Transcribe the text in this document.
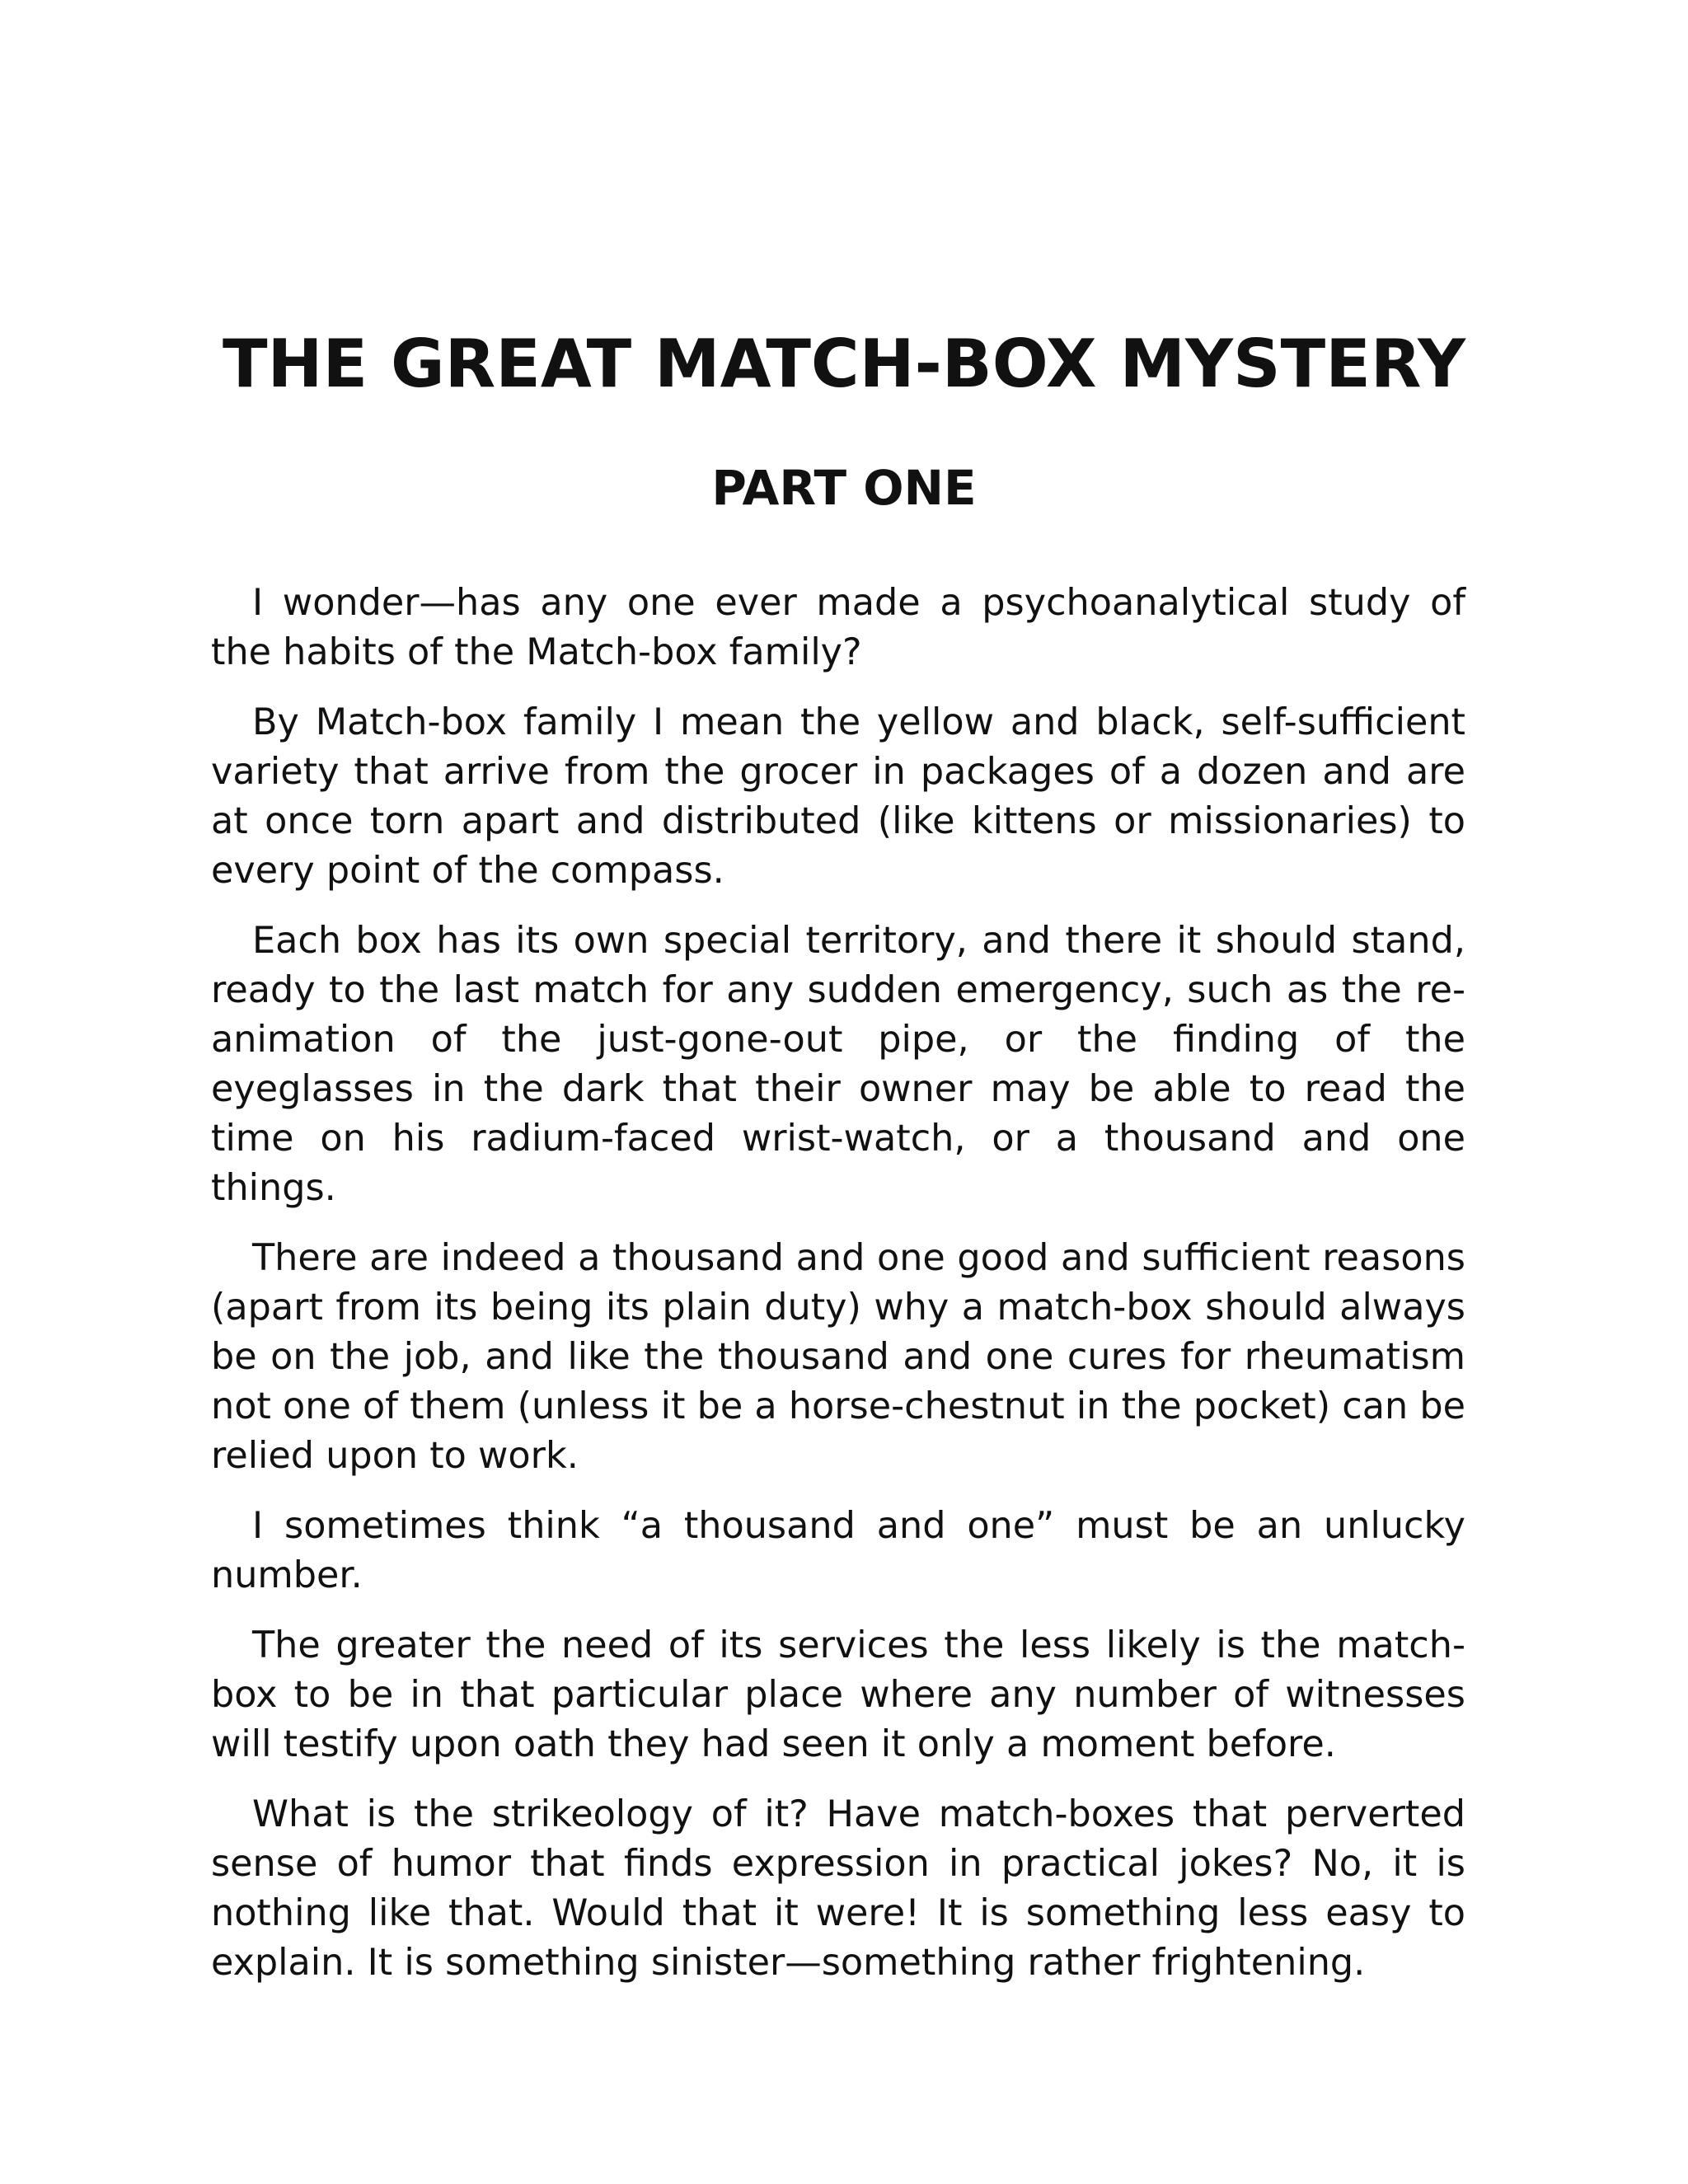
THE GREAT MATCH-BOX MYSTERY
PART ONE

I wonder—has any one ever made a psychoanalytical study of the habits of the Match-box family?

By Match-box family I mean the yellow and black, self-sufficient variety that arrive from the grocer in packages of a dozen and are at once torn apart and distributed (like kittens or missionaries) to every point of the compass.

Each box has its own special territory, and there it should stand, ready to the last match for any sudden emergency, such as the re-animation of the just-gone-out pipe, or the finding of the eyeglasses in the dark that their owner may be able to read the time on his radium-faced wrist-watch, or a thousand and one things.

There are indeed a thousand and one good and sufficient reasons (apart from its being its plain duty) why a match-box should always be on the job, and like the thousand and one cures for rheumatism not one of them (unless it be a horse-chestnut in the pocket) can be relied upon to work.

I sometimes think “a thousand and one” must be an unlucky number.

The greater the need of its services the less likely is the match-box to be in that particular place where any number of witnesses will testify upon oath they had seen it only a moment before.

What is the strikeology of it? Have match-boxes that perverted sense of humor that finds expression in practical jokes? No, it is nothing like that. Would that it were! It is something less easy to explain. It is something sinister—something rather frightening.
